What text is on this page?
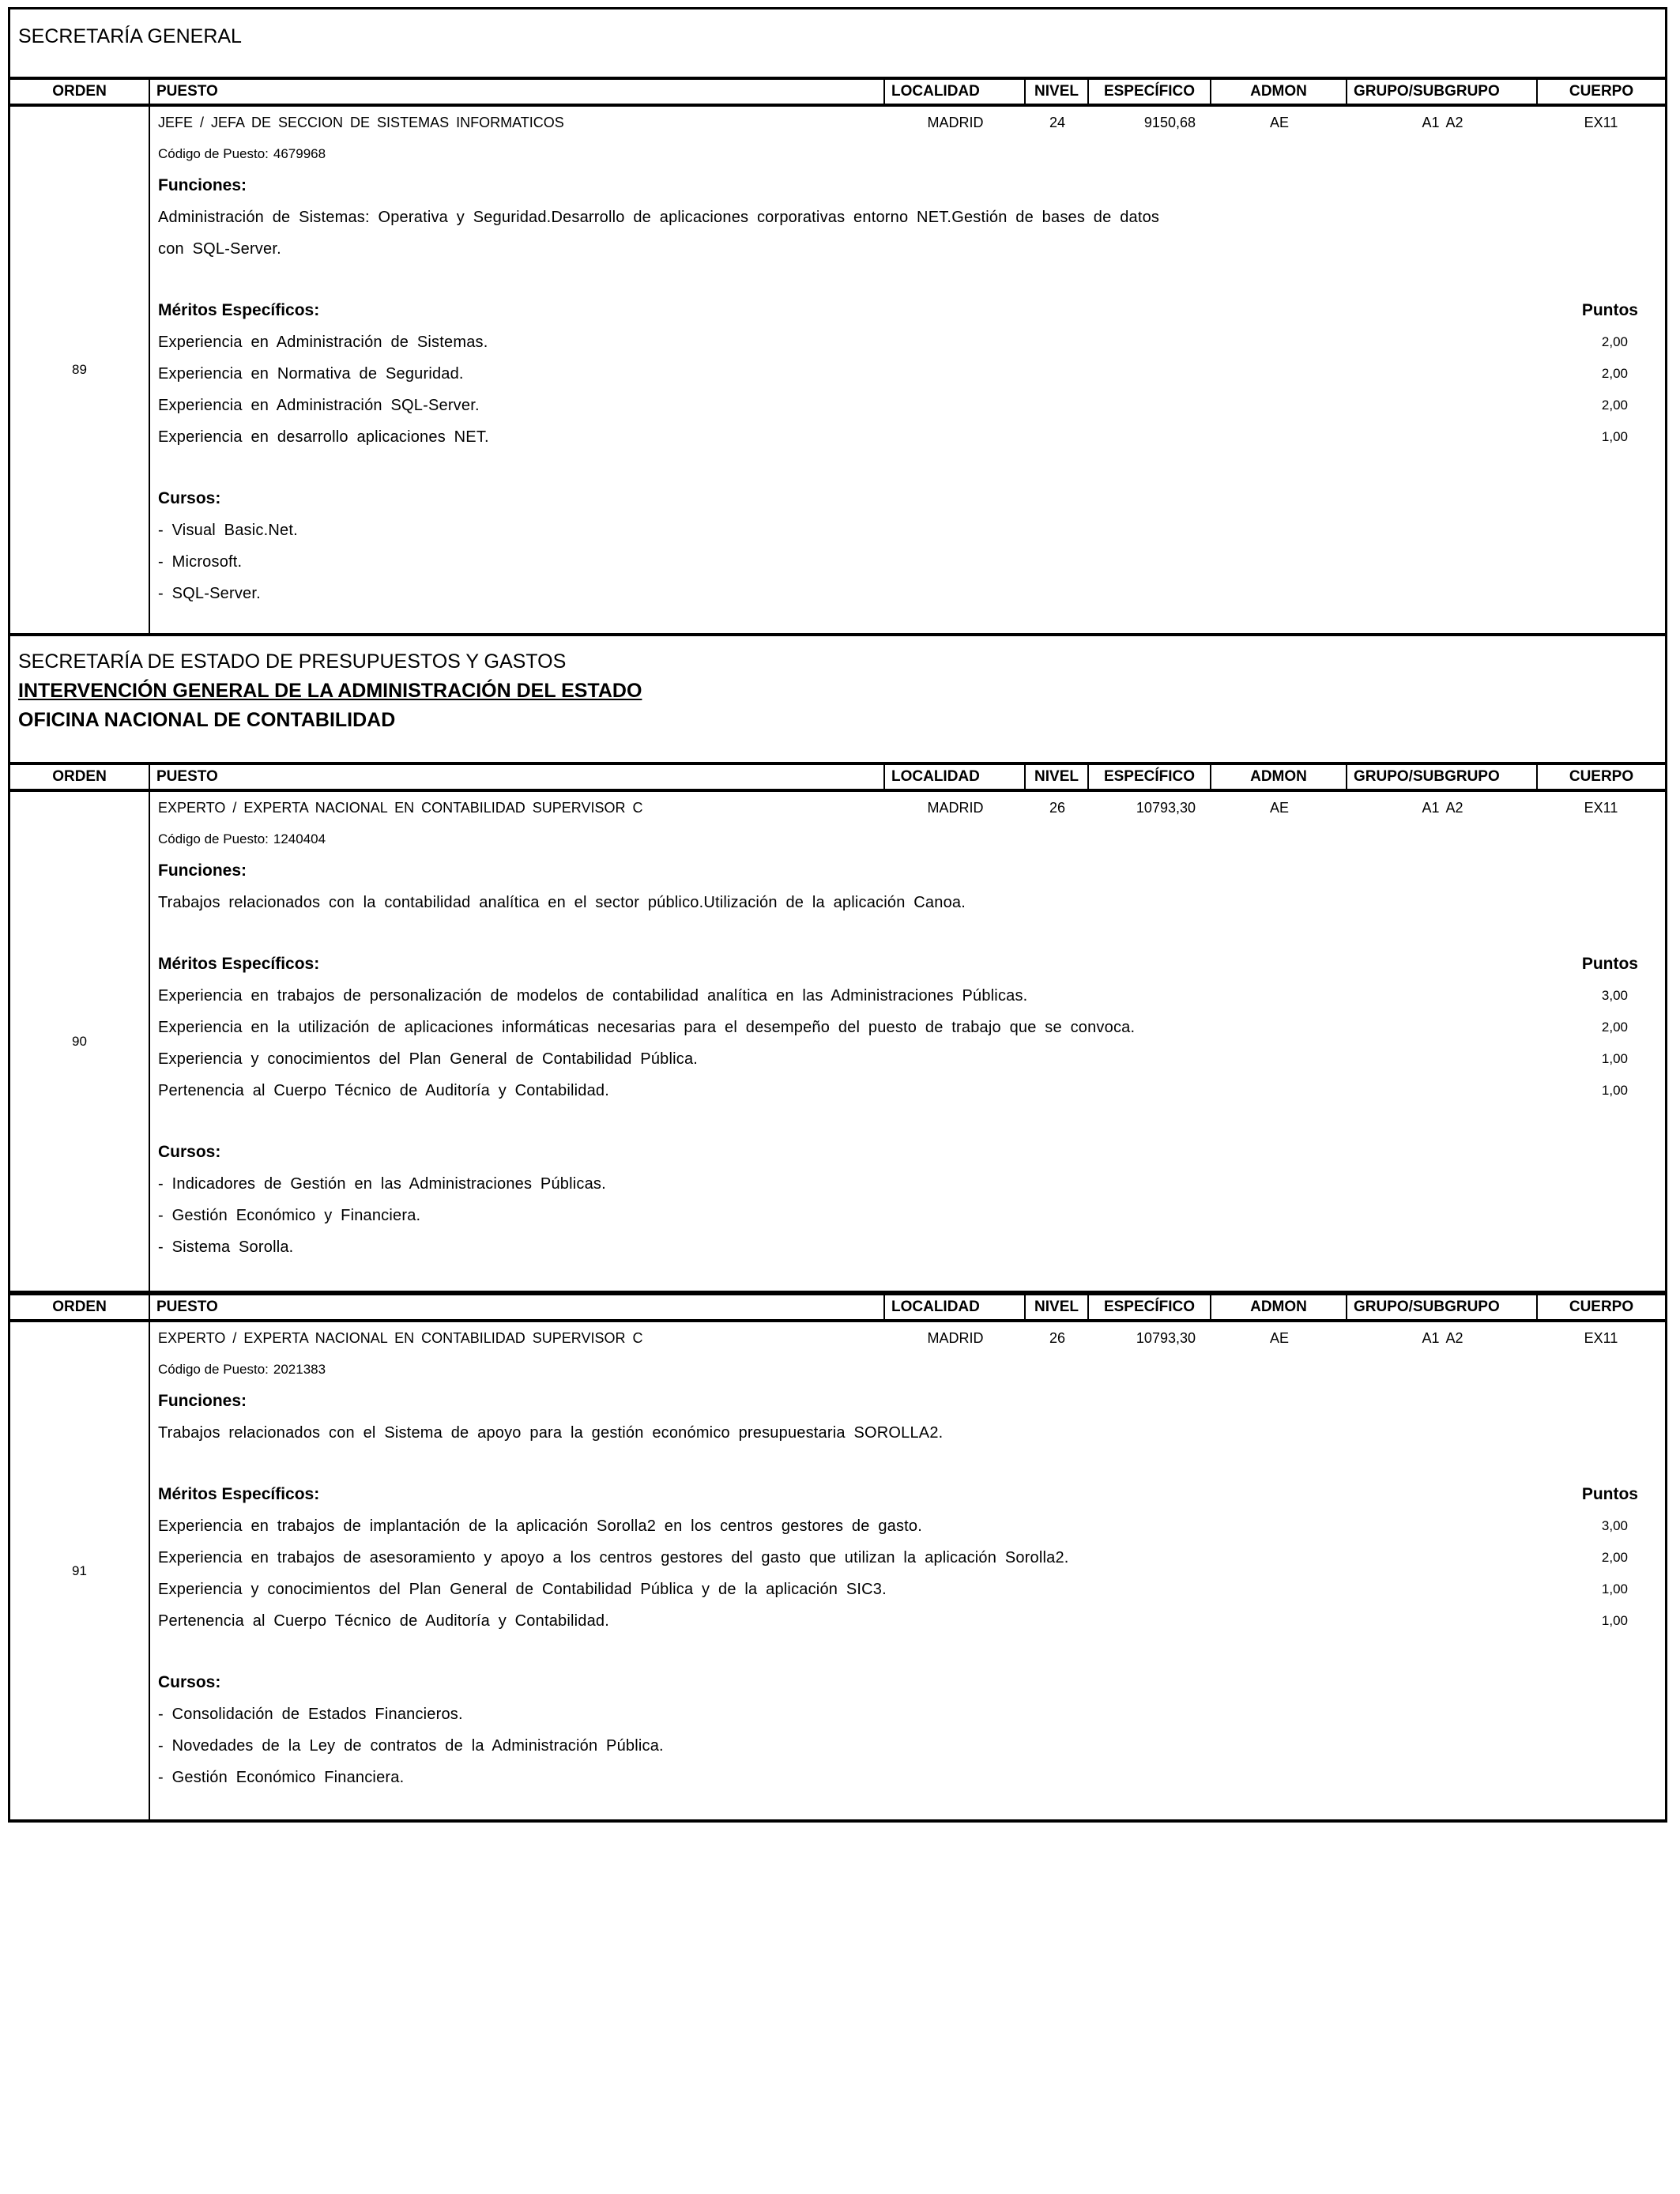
SECRETARÍA GENERAL
ORDEN	PUESTO	LOCALIDAD	NIVEL	ESPECÍFICO	ADMON	GRUPO/SUBGRUPO	CUERPO
89
JEFE / JEFA DE SECCION DE SISTEMAS INFORMATICOS	MADRID	24	9150,68	AE	A1 A2	EX11
Código de Puesto: 4679968
Funciones:
Administración de Sistemas: Operativa y Seguridad.Desarrollo de aplicaciones corporativas entorno NET.Gestión de bases de datos
con SQL-Server.
Méritos Específicos:	Puntos
Experiencia en Administración de Sistemas.	2,00
Experiencia en Normativa de Seguridad.	2,00
Experiencia en Administración SQL-Server.	2,00
Experiencia en desarrollo aplicaciones NET.	1,00
Cursos:
- Visual Basic.Net.
- Microsoft.
- SQL-Server.
SECRETARÍA DE ESTADO DE PRESUPUESTOS Y GASTOS
INTERVENCIÓN GENERAL DE LA ADMINISTRACIÓN DEL ESTADO
OFICINA NACIONAL DE CONTABILIDAD
ORDEN	PUESTO	LOCALIDAD	NIVEL	ESPECÍFICO	ADMON	GRUPO/SUBGRUPO	CUERPO
90
EXPERTO / EXPERTA NACIONAL EN CONTABILIDAD SUPERVISOR C	MADRID	26	10793,30	AE	A1 A2	EX11
Código de Puesto: 1240404
Funciones:
Trabajos relacionados con la contabilidad analítica en el sector público.Utilización de la aplicación Canoa.
Méritos Específicos:	Puntos
Experiencia en trabajos de personalización de modelos de contabilidad analítica en las Administraciones Públicas.	3,00
Experiencia en la utilización de aplicaciones informáticas necesarias para el desempeño del puesto de trabajo que se convoca.	2,00
Experiencia y conocimientos del Plan General de Contabilidad Pública.	1,00
Pertenencia al Cuerpo Técnico de Auditoría y Contabilidad.	1,00
Cursos:
- Indicadores de Gestión en las Administraciones Públicas.
- Gestión Económico y Financiera.
- Sistema Sorolla.
ORDEN	PUESTO	LOCALIDAD	NIVEL	ESPECÍFICO	ADMON	GRUPO/SUBGRUPO	CUERPO
91
EXPERTO / EXPERTA NACIONAL EN CONTABILIDAD SUPERVISOR C	MADRID	26	10793,30	AE	A1 A2	EX11
Código de Puesto: 2021383
Funciones:
Trabajos relacionados con el Sistema de apoyo para la gestión económico presupuestaria SOROLLA2.
Méritos Específicos:	Puntos
Experiencia en trabajos de implantación de la aplicación Sorolla2 en los centros gestores de gasto.	3,00
Experiencia en trabajos de asesoramiento y apoyo a los centros gestores del gasto que utilizan la aplicación Sorolla2.	2,00
Experiencia y conocimientos del Plan General de Contabilidad Pública y de la aplicación SIC3.	1,00
Pertenencia al Cuerpo Técnico de Auditoría y Contabilidad.	1,00
Cursos:
- Consolidación de Estados Financieros.
- Novedades de la Ley de contratos de la Administración Pública.
- Gestión Económico Financiera.
